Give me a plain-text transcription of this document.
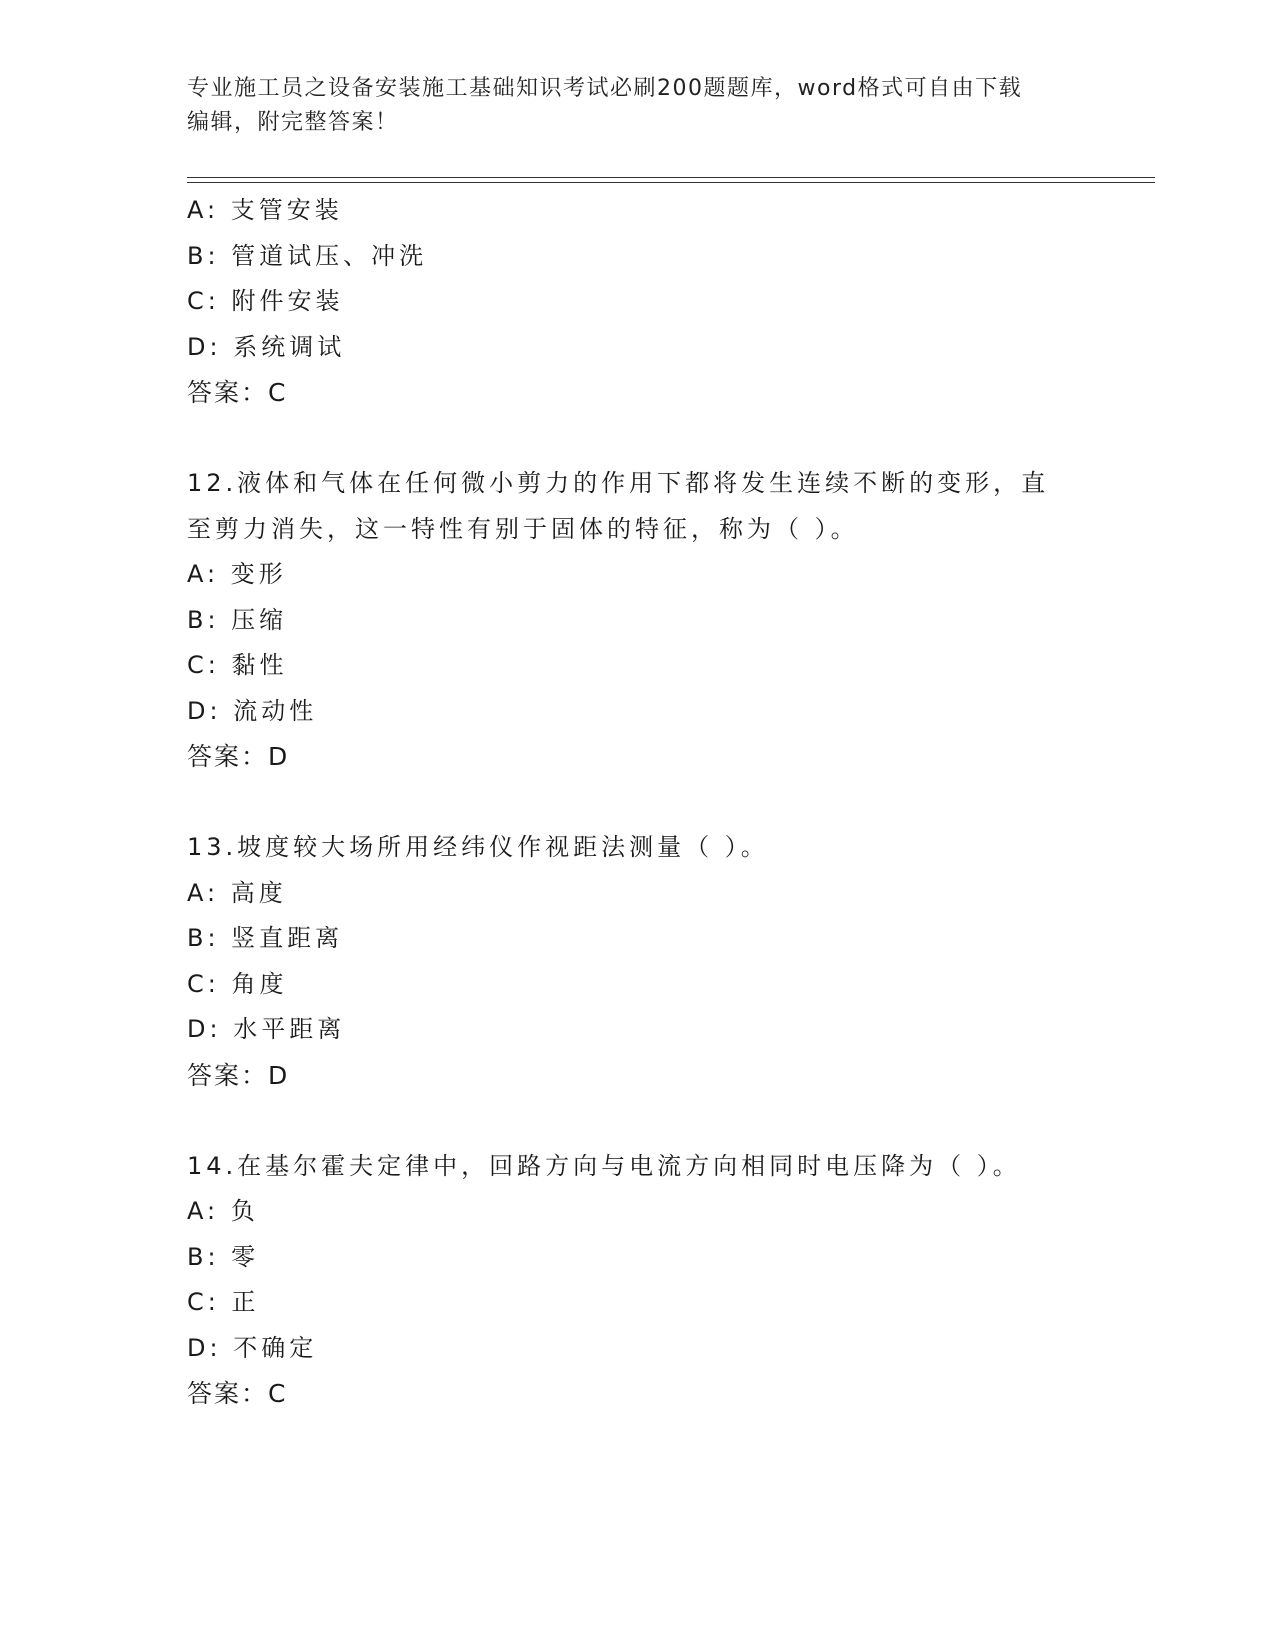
专业施工员之设备安装施工基础知识考试必刷200题题库，word格式可自由下载
编辑，附完整答案！
A: 支管安装
B: 管道试压、冲洗
C: 附件安装
D: 系统调试
答案：C
12.液体和气体在任何微小剪力的作用下都将发生连续不断的变形，直
至剪力消失，这一特性有别于固体的特征，称为（ ）。
A: 变形
B: 压缩
C: 黏性
D: 流动性
答案：D
13.坡度较大场所用经纬仪作视距法测量（ ）。
A: 高度
B: 竖直距离
C: 角度
D: 水平距离
答案：D
14.在基尔霍夫定律中，回路方向与电流方向相同时电压降为（ ）。
A: 负
B: 零
C: 正
D: 不确定
答案：C
